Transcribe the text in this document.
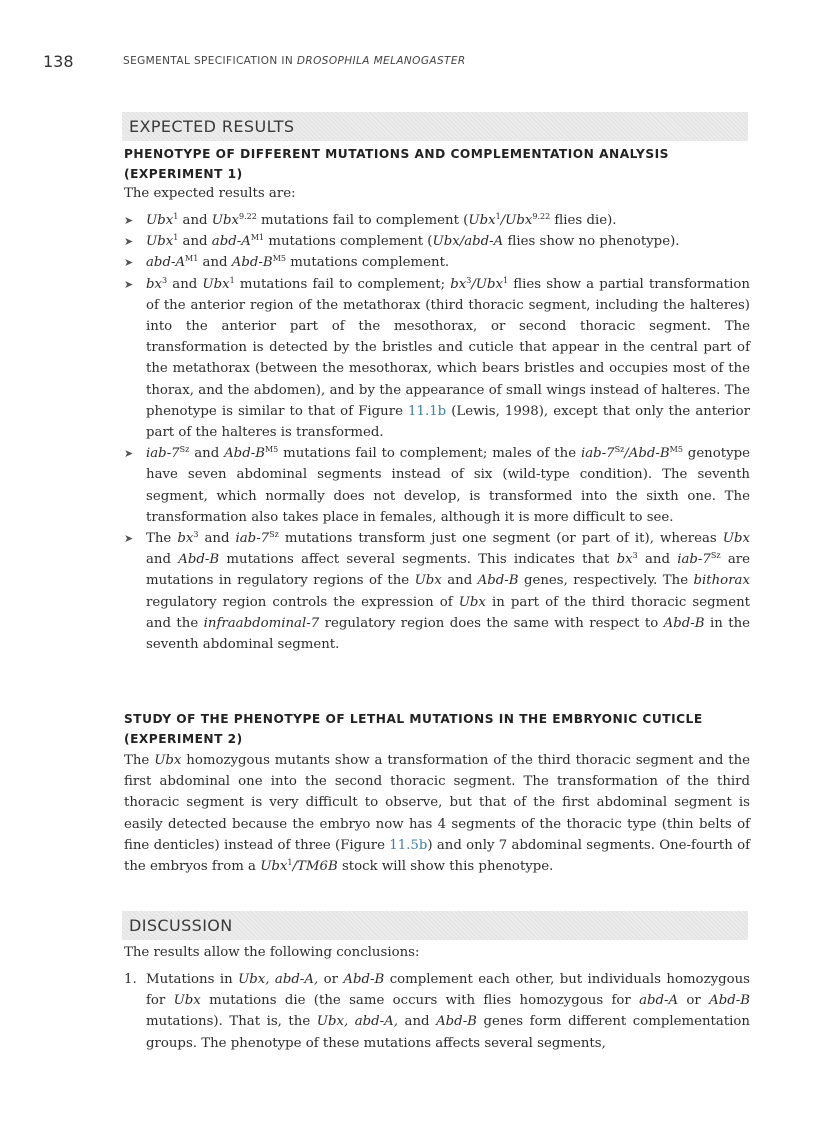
138	SEGMENTAL SPECIFICATION IN DROSOPHILA MELANOGASTER
EXPECTED RESULTS
PHENOTYPE OF DIFFERENT MUTATIONS AND COMPLEMENTATION ANALYSIS (EXPERIMENT 1)
The expected results are:
➤ Ubx$^1$ and Ubx$^{9.22}$ mutations fail to complement (Ubx$^1$/Ubx$^{9.22}$ flies die).
➤ Ubx$^1$ and abd-$A^{M1}$ mutations complement (Ubx/abd-A flies show no phenotype).
➤ abd-$A^{M1}$ and Abd-$B^{M5}$ mutations complement.
➤ $bx^3$ and Ubx$^1$ mutations fail to complement; $bx^3/Ubx^1$ flies show a partial transformation of the anterior region of the metathorax (third thoracic segment, including the halteres) into the anterior part of the mesothorax, or second thoracic segment. The transformation is detected by the bristles and cuticle that appear in the central part of the metathorax (between the mesothorax, which bears bristles and occupies most of the thorax, and the abdomen), and by the appearance of small wings instead of halteres. The phenotype is similar to that of Figure 11.1b (Lewis, 1998), except that only the anterior part of the halteres is transformed.
➤ iab-$7^{Sz}$ and Abd-$B^{M5}$ mutations fail to complement; males of the iab-$7^{Sz}/Abd-B^{M5}$ genotype have seven abdominal segments instead of six (wild-type condition). The seventh segment, which normally does not develop, is transformed into the sixth one. The transformation also takes place in females, although it is more difficult to see.
➤ The $bx^3$ and iab-$7^{Sz}$ mutations transform just one segment (or part of it), whereas Ubx and Abd-B mutations affect several segments. This indicates that $bx^3$ and iab-$7^{Sz}$ are mutations in regulatory regions of the Ubx and Abd-B genes, respectively. The bithorax regulatory region controls the expression of Ubx in part of the third thoracic segment and the infraabdominal-7 regulatory region does the same with respect to Abd-B in the seventh abdominal segment.
STUDY OF THE PHENOTYPE OF LETHAL MUTATIONS IN THE EMBRYONIC CUTICLE (EXPERIMENT 2)
The Ubx homozygous mutants show a transformation of the third thoracic segment and the first abdominal one into the second thoracic segment. The transformation of the third thoracic segment is very difficult to observe, but that of the first abdominal segment is easily detected because the embryo now has 4 segments of the thoracic type (thin belts of fine denticles) instead of three (Figure 11.5b) and only 7 abdominal segments. One-fourth of the embryos from a Ubx$^1$/TM6B stock will show this phenotype.
DISCUSSION
The results allow the following conclusions:
1. Mutations in Ubx, abd-A, or Abd-B complement each other, but individuals homozygous for Ubx mutations die (the same occurs with flies homozygous for abd-A or Abd-B mutations). That is, the Ubx, abd-A, and Abd-B genes form different complementation groups. The phenotype of these mutations affects several segments,
